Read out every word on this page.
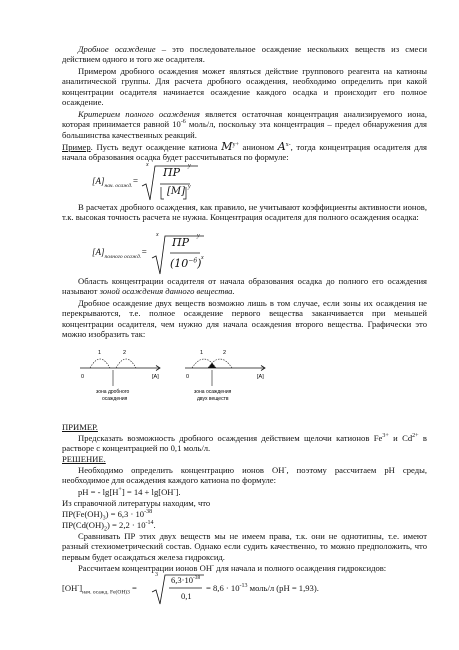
Дробное осаждение – это последовательное осаждение нескольких веществ из смеси действием одного и того же осадителя.
Примером дробного осаждения может являться действие группового реагента на катионы аналитической группы. Для расчета дробного осаждения, необходимо определить при какой концентрации осадителя начинается осаждение каждого осадка и происходит его полное осаждение.
Критерием полного осаждения является остаточная концентрация анализируемого иона, которая принимается равной $10^{-6}$ моль/л, поскольку эта концентрация – предел обнаружения для большинства качественных реакций.
Пример. Пусть ведут осаждение катиона $M^{y+}$ анионом $A^{x-}$, тогда концентрация осадителя для начала образования осадка будет рассчитываться по формуле:
$[A]_{нач. осажд.}=$
x
ПР y
[M] y
В расчетах дробного осаждения, как правило, не учитывают коэффициенты активности ионов, т.к. высокая точность расчета не нужна. Концентрация осадителя для полного осаждения осадка:
$[A]_{полного осажд.}=$
x
ПР y
$(10^{-6})$ x
Область концентрации осадителя от начала образования осадка до полного его осаждения называют зоной осаждения данного вещества.
Дробное осаждение двух веществ возможно лишь в том случае, если зоны их осаждения не перекрываются, т.е. полное осаждение первого вещества заканчивается при меньшей концентрации осадителя, чем нужно для начала осаждения второго вещества. Графически это можно изобразить так:
1	2
0	[A]
зона дробного
осаждения
1	2
0	[A]
зона осаждения
двух веществ
ПРИМЕР.
Предсказать возможность дробного осаждения действием щелочи катионов $Fe^{3+}$ и $Cd^{2+}$ в растворе с концентрацией по 0,1 моль/л.
РЕШЕНИЕ.
Необходимо определить концентрацию ионов OH-, поэтому рассчитаем pH среды, необходимое для осаждения каждого катиона по формуле:
pH = - lg[H+] = 14 + lg[OH-].
Из справочной литературы находим, что
$ПР(Fe(OH)_3) = 6,3 \cdot 10^{-38}$
$ПР(Cd(OH)_2) = 2,2 \cdot 10^{-14}$.
Сравнивать ПР этих двух веществ мы не имеем права, т.к. они не однотипны, т.е. имеют разный стехиометрический состав. Однако если судить качественно, то можно предположить, что первым будет осаждаться железа гидроксид.
Рассчитаем концентрации ионов OH- для начала и полного осаждения гидроксидов:
$[OH^-]_{нач. осажд. Fe(OH)3}$ =
3 $6,3\cdot 10^{-38}$
0,1
= $8,6 \cdot 10^{-13}$ моль/л (pH = 1,93).
